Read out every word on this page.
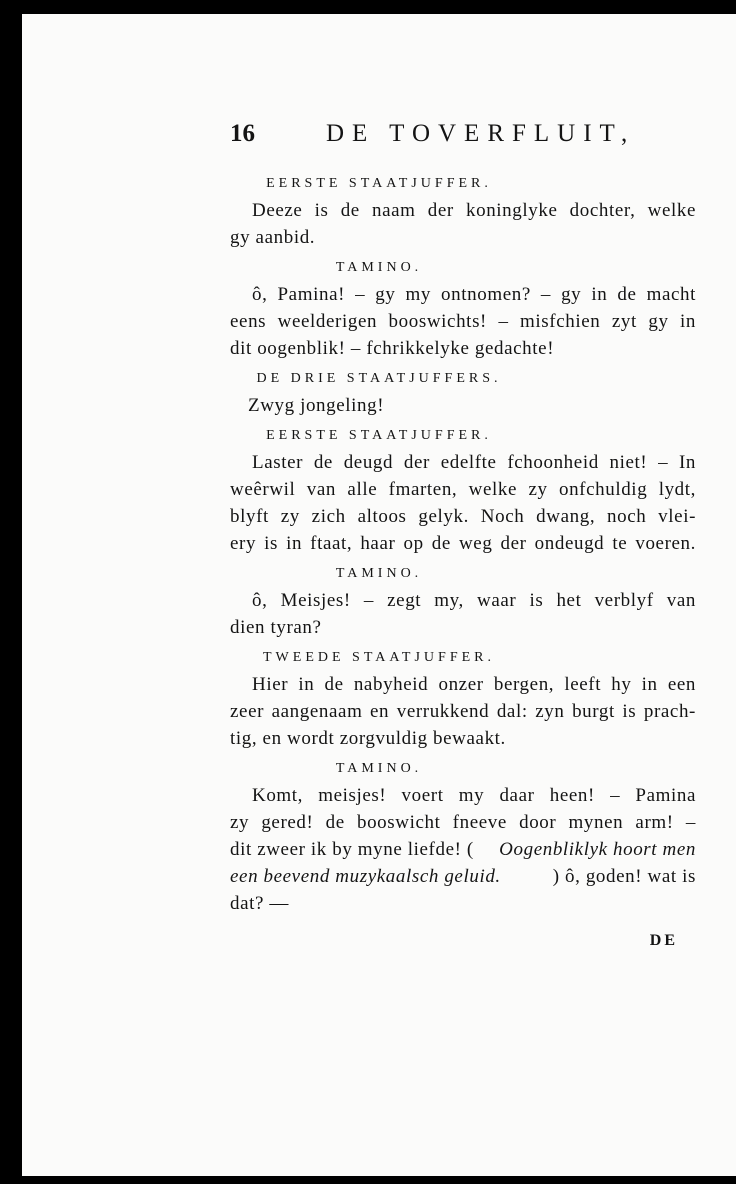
16	DE TOVERFLUIT,
EERSTE STAATJUFFER.
Deeze is de naam der koninglyke dochter, welke
gy aanbid.
TAMINO.
ô, Pamina! – gy my ontnomen? – gy in de macht
eens weelderigen booswichts! – misfchien zyt gy in
dit oogenblik! – fchrikkelyke gedachte!
DE DRIE STAATJUFFERS.
Zwyg jongeling!
EERSTE STAATJUFFER.
Laster de deugd der edelfte fchoonheid niet! – In
weêrwil van alle fmarten, welke zy onfchuldig lydt,
blyft zy zich altoos gelyk. Noch dwang, noch vlei-
ery is in ftaat, haar op de weg der ondeugd te voeren.
TAMINO.
ô, Meisjes! – zegt my, waar is het verblyf van
dien tyran?
TWEEDE STAATJUFFER.
Hier in de nabyheid onzer bergen, leeft hy in een
zeer aangenaam en verrukkend dal: zyn burgt is prach-
tig, en wordt zorgvuldig bewaakt.
TAMINO.
Komt, meisjes! voert my daar heen! – Pamina
zy gered! de booswicht fneeve door mynen arm! –
dit zweer ik by myne liefde! ( Oogenbliklyk hoort men
een beevend muzykaalsch geluid.	) ô, goden! wat is
dat? —
DE
